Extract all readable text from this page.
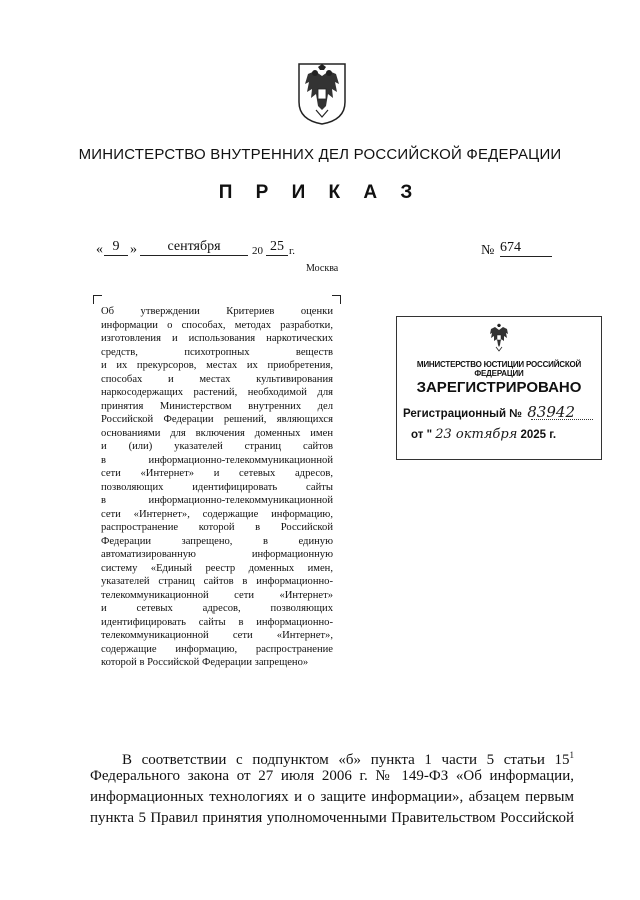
МИНИСТЕРСТВО ВНУТРЕННИХ ДЕЛ РОССИЙСКОЙ ФЕДЕРАЦИИ
П Р И К А З
« 9 »	сентября	20 25 г.	№ 674
Москва
Об утверждении Критериев оценки
информации о способах, методах разработки,
изготовления и использования наркотических
средств, психотропных веществ
и их прекурсоров, местах их приобретения,
способах и местах культивирования
наркосодержащих растений, необходимой для
принятия Министерством внутренних дел
Российской Федерации решений, являющихся
основаниями для включения доменных имен
и (или) указателей страниц сайтов
в информационно-телекоммуникационной
сети «Интернет» и сетевых адресов,
позволяющих идентифицировать сайты
в информационно-телекоммуникационной
сети «Интернет», содержащие информацию,
распространение которой в Российской
Федерации запрещено, в единую
автоматизированную информационную
систему «Единый реестр доменных имен,
указателей страниц сайтов в информационно-
телекоммуникационной сети «Интернет»
и сетевых адресов, позволяющих
идентифицировать сайты в информационно-
телекоммуникационной сети «Интернет»,
содержащие информацию, распространение
которой в Российской Федерации запрещено»
МИНИСТЕРСТВО ЮСТИЦИИ РОССИЙСКОЙ ФЕДЕРАЦИИ
ЗАРЕГИСТРИРОВАНО
Регистрационный № 83942
от " 23 октября 2025 г.
В соответствии с подпунктом «б» пункта 1 части 5 статьи $15^1$
Федерального закона от 27 июля 2006 г. № 149-ФЗ «Об информации,
информационных технологиях и о защите информации», абзацем первым
пункта 5 Правил принятия уполномоченными Правительством Российской
